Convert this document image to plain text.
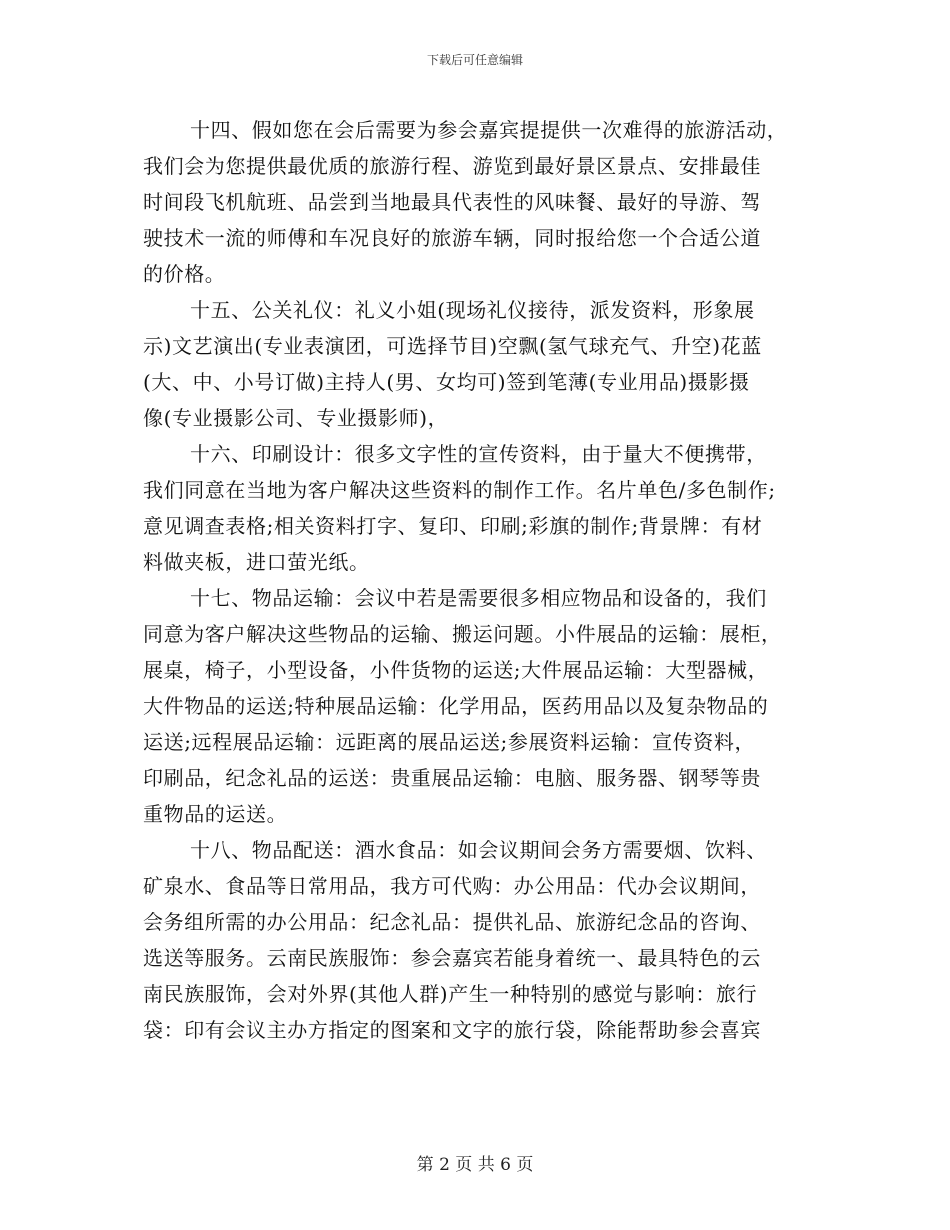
下载后可任意编辑
十四、假如您在会后需要为参会嘉宾提提供一次难得的旅游活动，
我们会为您提供最优质的旅游行程、游览到最好景区景点、安排最佳
时间段飞机航班、品尝到当地最具代表性的风味餐、最好的导游、驾
驶技术一流的师傅和车况良好的旅游车辆，同时报给您一个合适公道
的价格。
十五、公关礼仪：礼义小姐(现场礼仪接待，派发资料，形象展
示)文艺演出(专业表演团，可选择节目)空飘(氢气球充气、升空)花蓝
(大、中、小号订做)主持人(男、女均可)签到笔薄(专业用品)摄影摄
像(专业摄影公司、专业摄影师)，
十六、印刷设计：很多文字性的宣传资料，由于量大不便携带，
我们同意在当地为客户解决这些资料的制作工作。名片单色/多色制作;
意见调查表格;相关资料打字、复印、印刷;彩旗的制作;背景牌：有材
料做夹板，进口萤光纸。
十七、物品运输：会议中若是需要很多相应物品和设备的，我们
同意为客户解决这些物品的运输、搬运问题。小件展品的运输：展柜，
展桌，椅子，小型设备，小件货物的运送;大件展品运输：大型器械，
大件物品的运送;特种展品运输：化学用品，医药用品以及复杂物品的
运送;远程展品运输：远距离的展品运送;参展资料运输：宣传资料，
印刷品，纪念礼品的运送：贵重展品运输：电脑、服务器、钢琴等贵
重物品的运送。
十八、物品配送：酒水食品：如会议期间会务方需要烟、饮料、
矿泉水、食品等日常用品，我方可代购：办公用品：代办会议期间，
会务组所需的办公用品：纪念礼品：提供礼品、旅游纪念品的咨询、
选送等服务。云南民族服饰：参会嘉宾若能身着统一、最具特色的云
南民族服饰，会对外界(其他人群)产生一种特别的感觉与影响：旅行
袋：印有会议主办方指定的图案和文字的旅行袋，除能帮助参会喜宾
第 2 页 共 6 页
